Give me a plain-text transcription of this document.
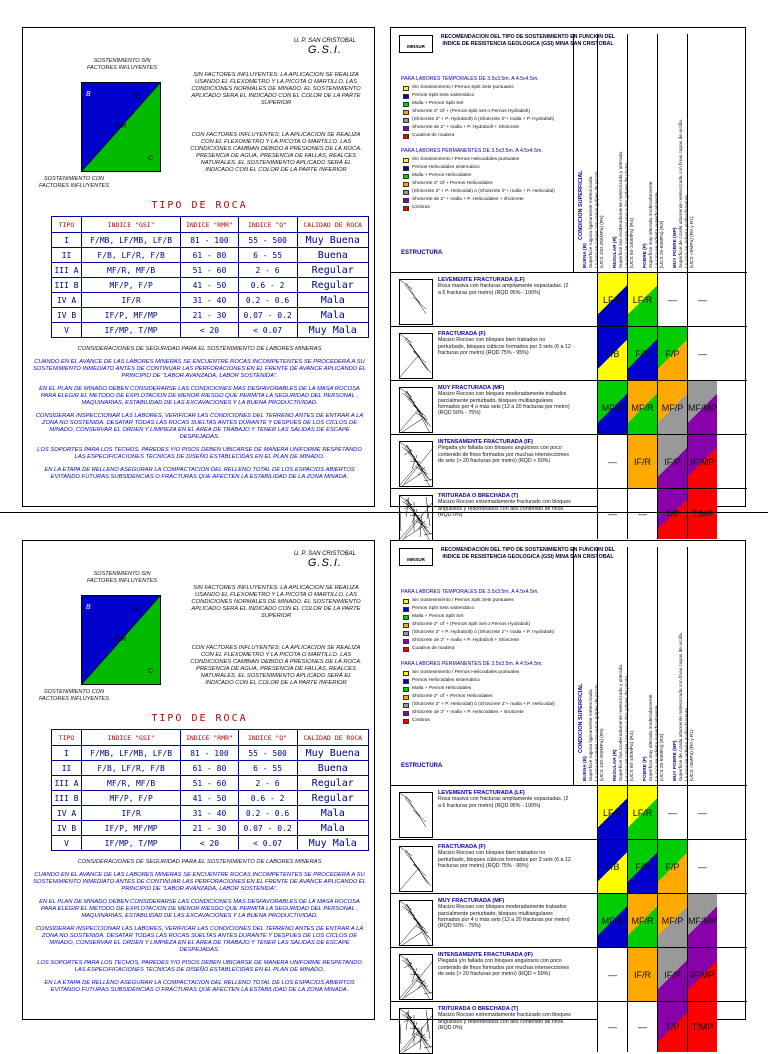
U. P. SAN CRISTOBAL
G.S.I.
SOSTENIMIENTO SIN
FACTORES INFLUYENTES
B	R
F/R
C
SOSTENIMIENTO CON
FACTORES INFLUYENTES
SIN FACTORES INFLUYENTES: LA APLICACION SE REALIZA USANDO EL FLEXOMETRO Y LA PICOTA O MARTILLO. LAS CONDICIONES NORMALES DE MINADO. EL SOSTENIMIENTO APLICADO SERÁ EL INDICADO CON EL COLOR DE LA PARTE SUPERIOR
CON FACTORES INFLUYENTES: LA APLICACION SE REALIZA CON EL FLEXOMETRO Y LA PICOTA O MARTILLO. LAS CONDICIONES CAMBIAN DEBIDO A PRESIONES DE LA ROCA. PRESENCIA DE AGUA, PRESENCIA DE FALLAS, REALCES NATURALES. EL SOSTENIMIENTO APLICADO SERÁ EL INDICADO CON EL COLOR DE LA PARTE INFERIOR
TIPO DE ROCA
TIPO	INDICE "GSI"	INDICE "RMR"	INDICE "Q"	CALIDAD DE ROCA
I	F/MB, LF/MB, LF/B	81 - 100	55 - 500	Muy Buena
II	F/B, LF/R, F/B	61 - 80	6 - 55	Buena
III A	MF/R, MF/B	51 - 60	2 - 6	Regular
III B	MF/P, F/P	41 - 50	0.6 - 2	Regular
IV A	IF/R	31 - 40	0.2 - 0.6	Mala
IV B	IF/P, MF/MP	21 - 30	0.07 - 0.2	Mala
V	IF/MP, T/MP	< 20	< 0.07	Muy Mala
CONSIDERACIONES DE SEGURIDAD PARA EL SOSTENIMIENTO DE LABORES MINERAS
CUANDO EN EL AVANCE DE LAS LABORES MINERAS SE ENCUENTRE ROCAS INCOMPETENTES SE PROCEDERÁ A SU SOSTENIMIENTO INMEDIATO ANTES DE CONTINUAR LAS PERFORACIONES EN EL FRENTE DE AVANCE APLICANDO EL PRINCIPIO DE "LABOR AVANZADA, LABOR SOSTENIDA".
EN EL PLAN DE MINADO DEBEN CONSIDERARSE LAS CONDICIONES MAS DESFAVORABLES DE LA MASA ROCOSA PARA ELEGIR EL METODO DE EXPLOTACION DE MENOR RIESGO QUE PERMITA LA SEGURIDAD DEL PERSONAL , MAQUINARIAS, ESTABILIDAD DE LAS EXCAVACIONES Y LA BUENA PRODUCTIVIDAD.
CONSIDERAR INSPECCIONAR LAS LABORES, VERIFICAR LAS CONDICIONES DEL TERRENO ANTES DE ENTRAR A LA ZONA NO SOSTENIDA. DESATAR TODAS LAS ROCAS SUELTAS ANTES DURANTE Y DESPUES DE LOS CICLOS DE MINADO, CONSERVAR EL ORDEN Y LIMPIEZA EN EL AREA DE TRABAJO Y TENER LAS SALIDAS DE ESCAPE DESPEJADAS.
LOS SOPORTES PARA LOS TECHOS, PAREDES Y/O PISOS DEBEN UBICARSE DE MANERA UNIFORME RESPETANDO LAS ESPECIFICACIONES TECNICAS DE DISEÑO ESTABLECIDAS EN EL PLAN DE MINADO.
EN LA ETAPA DE RELLENO ASEGURAR LA COMPACTACION DEL RELLENO TOTAL DE LOS ESPACIOS ABIERTOS EVITANDO FUTURAS SUBSIDENCIAS O FRACTURAS QUE AFECTEN LA ESTABILIDAD DE LA ZONA MINADA.
MINSUR
RECOMENDACION DEL TIPO DE SOSTENIMIENTO EN FUNCION DEL INDICE DE RESISTENCIA GEOLOGICA (GSI) MINA SAN CRISTOBAL
PARA LABORES TEMPORALES DE 3.5x3.5m. A 4.5x4.5m.
Sin Sostenimiento / Pernos Split Sets puntuales
Pernos Split Sets sistemático
Malla + Pernos Split Set
Shotcrete 2" c/f + (Pernos Split Set o Pernos Hydrabolt)
(Shotcrete 3" + P. Hydrabolt) ó (Shotcrete 2"+ malla + P. Hydrabolt)
Shotcrete de 2" + malla + P. Hydrabolt + Shotcrete
Cuadros de madera
PARA LABORES PERMANENTES DE 3.5x3.5m. A 4.5x4.5m.
Sin Sostenimiento / Pernos Helicoidales puntuales
Pernos Helicoidales sistemático
Malla + Pernos Helicoidales
Shotcrete 2" c/f + Pernos Helicoidales
(Shotcrete 3" + P. Helicoidal) ó (Shotcrete 2"+ malla + P. Helicoidal)
Shotcrete de 2" + malla + P. Helicoidales + shotcrete
Cimbras
ESTRUCTURA
CONDICION SUPERFICIAL
BUENA (B)
Superficie rugosa ligeramente meteorizada.
La roca se rompe con varios golpes de picota.
(UCS 100-250MPa) (R5) REGULAR (R)
Superficie lisa moderadamente meteorizada y alterada.
La roca se rompe con uno o dos golpes de picota.
(UCS 50-100MPa) (R4) POBRE (P)
Superficie muy alterada moderadamente.
La roca se indenta superficialmente.
(UCS 25-50MPa) (R3) MUY POBRE (MP)
Superficie de cizalla altamente meteorizada con finas capas de arcilla.
La roca se indenta profundamente.
(UCS <5MPa) (R0 y R1)

LEVEMENTE FRACTURADA (LF)
Roca masiva con fracturas ampliamente espaciadas. (2 a 6 fracturas por metro) (RQD 95% - 100%)
LF/B	LF/R	—	—
FRACTURADA (F)
Macizo Rocoso con bloques bien trabados no perturbado, bloques cúbicos formados por 3 sets (6 a 12 fracturas por metro) (RQD 75% - 95%)	F/B	F/R	F/P	—
MUY FRACTURADA (MF)
Macizo Rocoso con bloques moderadamente trabados parcialmente perturbado, bloques multiangulares formados por 4 o más sets (12 a 20 fracturas por metro) (RQD 50% - 75%)
MF/B MF/R MF/P MF/MP
INTENSAMENTE FRACTURADA (IF)
Plegada y/o fallada con bloques angulosos con poco contenido de finos formados por muchas intersecciones de sets (> 20 fracturas por metro) (RQD < 50%)	—	IF/R	IF/P	IF/MP
TRITURADA O BRECHADA (T)
Macizo Rocoso extremadamente fracturado con bloques angulosos y redondeados con alto contenido de finos. (RQD 0%)	—	—	T/P	T/MP
U. P. SAN CRISTOBAL
G.S.I.
SOSTENIMIENTO SIN
FACTORES INFLUYENTES
B	R
F/R
C
SOSTENIMIENTO CON
FACTORES INFLUYENTES
SIN FACTORES INFLUYENTES: LA APLICACION SE REALIZA USANDO EL FLEXOMETRO Y LA PICOTA O MARTILLO. LAS CONDICIONES NORMALES DE MINADO. EL SOSTENIMIENTO APLICADO SERÁ EL INDICADO CON EL COLOR DE LA PARTE SUPERIOR
CON FACTORES INFLUYENTES: LA APLICACION SE REALIZA CON EL FLEXOMETRO Y LA PICOTA O MARTILLO. LAS CONDICIONES CAMBIAN DEBIDO A PRESIONES DE LA ROCA. PRESENCIA DE AGUA, PRESENCIA DE FALLAS, REALCES NATURALES. EL SOSTENIMIENTO APLICADO SERÁ EL INDICADO CON EL COLOR DE LA PARTE INFERIOR
TIPO DE ROCA
TIPO	INDICE "GSI"	INDICE "RMR"	INDICE "Q"	CALIDAD DE ROCA
I	F/MB, LF/MB, LF/B	81 - 100	55 - 500	Muy Buena
II	F/B, LF/R, F/B	61 - 80	6 - 55	Buena
III A	MF/R, MF/B	51 - 60	2 - 6	Regular
III B	MF/P, F/P	41 - 50	0.6 - 2	Regular
IV A	IF/R	31 - 40	0.2 - 0.6	Mala
IV B	IF/P, MF/MP	21 - 30	0.07 - 0.2	Mala
V	IF/MP, T/MP	< 20	< 0.07	Muy Mala
CONSIDERACIONES DE SEGURIDAD PARA EL SOSTENIMIENTO DE LABORES MINERAS
CUANDO EN EL AVANCE DE LAS LABORES MINERAS SE ENCUENTRE ROCAS INCOMPETENTES SE PROCEDERÁ A SU SOSTENIMIENTO INMEDIATO ANTES DE CONTINUAR LAS PERFORACIONES EN EL FRENTE DE AVANCE APLICANDO EL PRINCIPIO DE "LABOR AVANZADA, LABOR SOSTENIDA".
EN EL PLAN DE MINADO DEBEN CONSIDERARSE LAS CONDICIONES MAS DESFAVORABLES DE LA MASA ROCOSA PARA ELEGIR EL METODO DE EXPLOTACION DE MENOR RIESGO QUE PERMITA LA SEGURIDAD DEL PERSONAL , MAQUINARIAS, ESTABILIDAD DE LAS EXCAVACIONES Y LA BUENA PRODUCTIVIDAD.
CONSIDERAR INSPECCIONAR LAS LABORES, VERIFICAR LAS CONDICIONES DEL TERRENO ANTES DE ENTRAR A LA ZONA NO SOSTENIDA. DESATAR TODAS LAS ROCAS SUELTAS ANTES DURANTE Y DESPUES DE LOS CICLOS DE MINADO, CONSERVAR EL ORDEN Y LIMPIEZA EN EL AREA DE TRABAJO Y TENER LAS SALIDAS DE ESCAPE DESPEJADAS.
LOS SOPORTES PARA LOS TECHOS, PAREDES Y/O PISOS DEBEN UBICARSE DE MANERA UNIFORME RESPETANDO LAS ESPECIFICACIONES TECNICAS DE DISEÑO ESTABLECIDAS EN EL PLAN DE MINADO.
EN LA ETAPA DE RELLENO ASEGURAR LA COMPACTACION DEL RELLENO TOTAL DE LOS ESPACIOS ABIERTOS EVITANDO FUTURAS SUBSIDENCIAS O FRACTURAS QUE AFECTEN LA ESTABILIDAD DE LA ZONA MINADA.
MINSUR
RECOMENDACION DEL TIPO DE SOSTENIMIENTO EN FUNCION DEL INDICE DE RESISTENCIA GEOLOGICA (GSI) MINA SAN CRISTOBAL
PARA LABORES TEMPORALES DE 3.5x3.5m. A 4.5x4.5m.
Sin Sostenimiento / Pernos Split Sets puntuales
Pernos Split Sets sistemático
Malla + Pernos Split Set
Shotcrete 2" c/f + (Pernos Split Set o Pernos Hydrabolt)
(Shotcrete 3" + P. Hydrabolt) ó (Shotcrete 2"+ malla + P. Hydrabolt)
Shotcrete de 2" + malla + P. Hydrabolt + Shotcrete
Cuadros de madera
PARA LABORES PERMANENTES DE 3.5x3.5m. A 4.5x4.5m.
Sin Sostenimiento / Pernos Helicoidales puntuales
Pernos Helicoidales sistemático
Malla + Pernos Helicoidales
Shotcrete 2" c/f + Pernos Helicoidales
(Shotcrete 3" + P. Helicoidal) ó (Shotcrete 2"+ malla + P. Helicoidal)
Shotcrete de 2" + malla + P. Helicoidales + shotcrete
Cimbras
ESTRUCTURA
CONDICION SUPERFICIAL
BUENA (B)
Superficie rugosa ligeramente meteorizada.
La roca se rompe con varios golpes de picota.
(UCS 100-250MPa) (R5) REGULAR (R)
Superficie lisa moderadamente meteorizada y alterada.
La roca se rompe con uno o dos golpes de picota.
(UCS 50-100MPa) (R4) POBRE (P)
Superficie muy alterada moderadamente.
La roca se indenta superficialmente.
(UCS 25-50MPa) (R3) MUY POBRE (MP)
Superficie de cizalla altamente meteorizada con finas capas de arcilla.
La roca se indenta profundamente.
(UCS <5MPa) (R0 y R1)

LEVEMENTE FRACTURADA (LF)
Roca masiva con fracturas ampliamente espaciadas. (2 a 6 fracturas por metro) (RQD 95% - 100%)
LF/B	LF/R	—	—
FRACTURADA (F)
Macizo Rocoso con bloques bien trabados no perturbado, bloques cúbicos formados por 3 sets (6 a 12 fracturas por metro) (RQD 75% - 95%)	F/B	F/R	F/P	—
MUY FRACTURADA (MF)
Macizo Rocoso con bloques moderadamente trabados parcialmente perturbado, bloques multiangulares formados por 4 o más sets (12 a 20 fracturas por metro) (RQD 50% - 75%)
MF/B MF/R MF/P MF/MP
INTENSAMENTE FRACTURADA (IF)
Plegada y/o fallada con bloques angulosos con poco contenido de finos formados por muchas intersecciones de sets (> 20 fracturas por metro) (RQD < 50%)	—	IF/R	IF/P	IF/MP
TRITURADA O BRECHADA (T)
Macizo Rocoso extremadamente fracturado con bloques angulosos y redondeados con alto contenido de finos. (RQD 0%)	—	—	T/P	T/MP
